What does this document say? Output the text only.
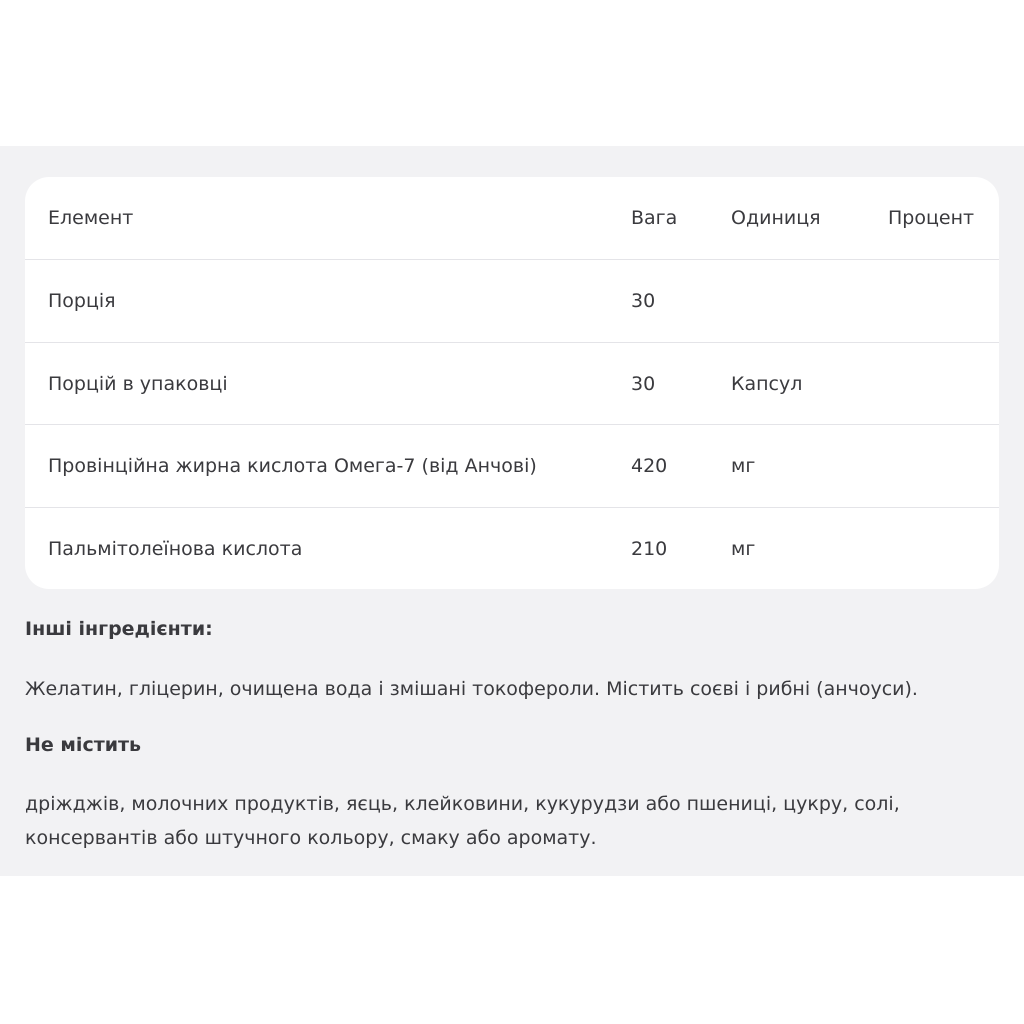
Елемент	Вага	Одиниця	Процент
Порція	30
Порцій в упаковці	30	Капсул
Провінційна жирна кислота Омега-7 (від Анчові)	420	мг
Пальмітолеїнова кислота	210	мг
Інші інгредієнти:
Желатин, гліцерин, очищена вода і змішані токофероли. Містить соєві і рибні (анчоуси).
Не містить
дріжджів, молочних продуктів, яєць, клейковини, кукурудзи або пшениці, цукру, солі,
консервантів або штучного кольору, смаку або аромату.
